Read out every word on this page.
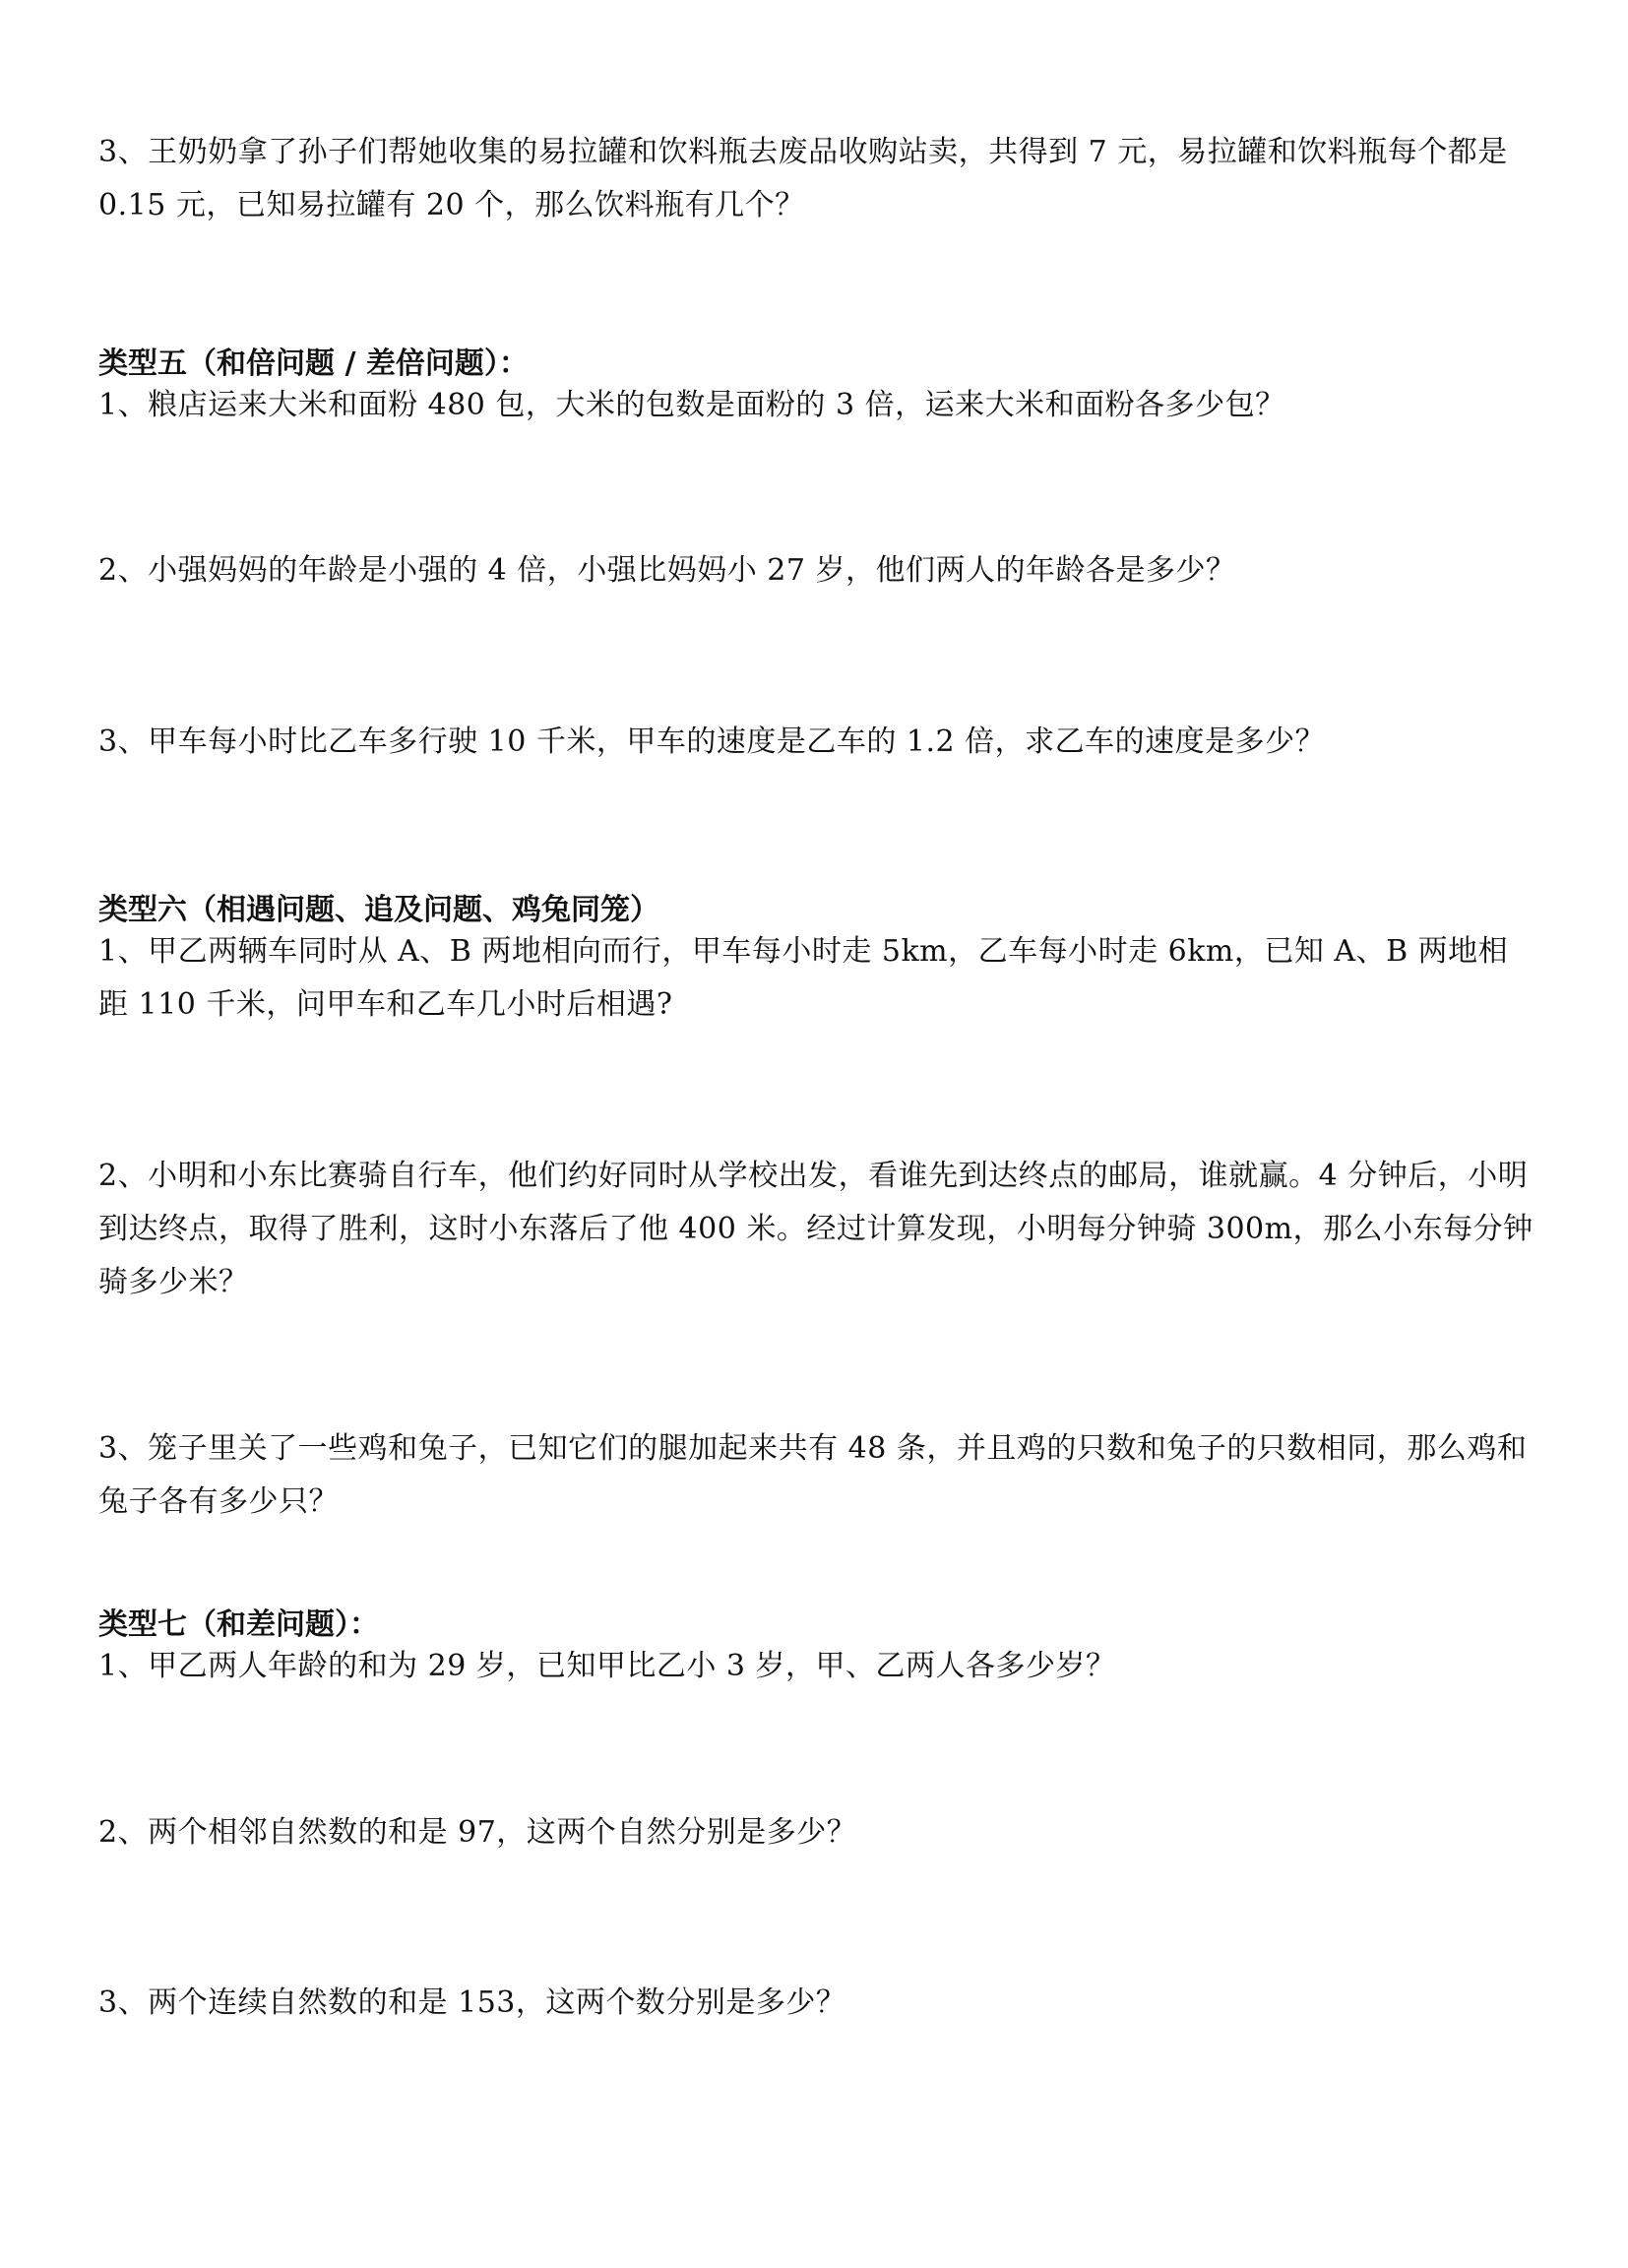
3、王奶奶拿了孙子们帮她收集的易拉罐和饮料瓶去废品收购站卖，共得到 7 元，易拉罐和饮料瓶每个都是 0.15 元，已知易拉罐有 20 个，那么饮料瓶有几个？

类型五（和倍问题 / 差倍问题）：

1、粮店运来大米和面粉 480 包，大米的包数是面粉的 3 倍，运来大米和面粉各多少包？

2、小强妈妈的年龄是小强的 4 倍，小强比妈妈小 27 岁，他们两人的年龄各是多少？

3、甲车每小时比乙车多行驶 10 千米，甲车的速度是乙车的 1.2 倍，求乙车的速度是多少？

类型六（相遇问题、追及问题、鸡兔同笼）

1、甲乙两辆车同时从 A、B 两地相向而行，甲车每小时走 5km，乙车每小时走 6km，已知 A、B 两地相距 110 千米，问甲车和乙车几小时后相遇?

2、小明和小东比赛骑自行车，他们约好同时从学校出发，看谁先到达终点的邮局，谁就赢。4 分钟后，小明到达终点，取得了胜利，这时小东落后了他 400 米。经过计算发现，小明每分钟骑 300m，那么小东每分钟骑多少米？

3、笼子里关了一些鸡和兔子，已知它们的腿加起来共有 48 条，并且鸡的只数和兔子的只数相同，那么鸡和兔子各有多少只？

类型七（和差问题）：

1、甲乙两人年龄的和为 29 岁，已知甲比乙小 3 岁，甲、乙两人各多少岁？

2、两个相邻自然数的和是 97，这两个自然分别是多少？

3、两个连续自然数的和是 153，这两个数分别是多少？
